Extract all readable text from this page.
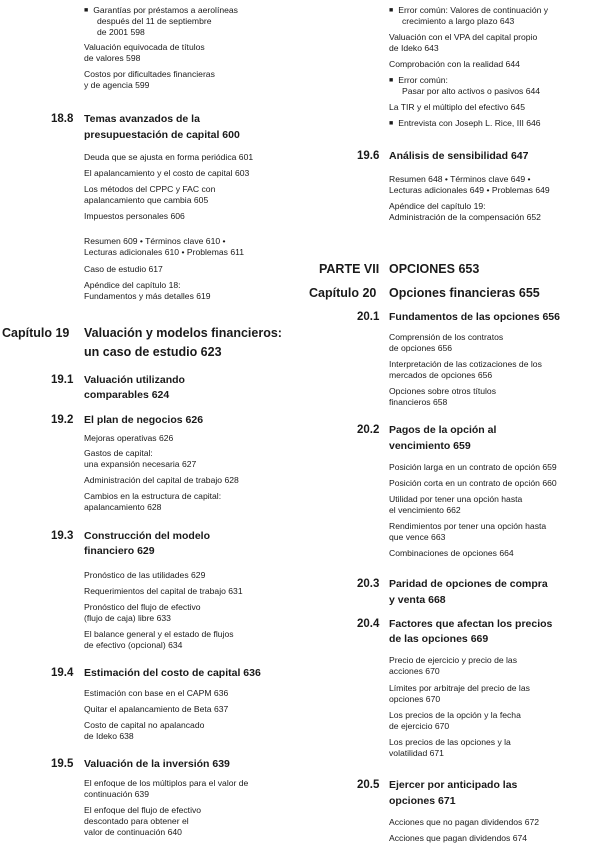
■ Garantías por préstamos a aerolíneas
después del 11 de septiembre
de 2001 598
Valuación equivocada de títulos
de valores 598
Costos por dificultades financieras
y de agencia 599
18.8 Temas avanzados de la
presupuestación de capital 600
Deuda que se ajusta en forma periódica 601
El apalancamiento y el costo de capital 603
Los métodos del CPPC y FAC con
apalancamiento que cambia 605
Impuestos personales 606
Resumen 609 • Términos clave 610 •
Lecturas adicionales 610 • Problemas 611
Caso de estudio 617
Apéndice del capítulo 18:
Fundamentos y más detalles 619
Capítulo 19 Valuación y modelos financieros:
un caso de estudio 623
19.1 Valuación utilizando
comparables 624
19.2 El plan de negocios 626
Mejoras operativas 626
Gastos de capital:
una expansión necesaria 627
Administración del capital de trabajo 628
Cambios en la estructura de capital:
apalancamiento 628
19.3 Construcción del modelo
financiero 629
Pronóstico de las utilidades 629
Requerimientos del capital de trabajo 631
Pronóstico del flujo de efectivo
(flujo de caja) libre 633
El balance general y el estado de flujos
de efectivo (opcional) 634
19.4 Estimación del costo de capital 636
Estimación con base en el CAPM 636
Quitar el apalancamiento de Beta 637
Costo de capital no apalancado
de Ideko 638
19.5 Valuación de la inversión 639
El enfoque de los múltiplos para el valor de
continuación 639
El enfoque del flujo de efectivo
descontado para obtener el
valor de continuación 640
■ Error común: Valores de continuación y
crecimiento a largo plazo 643
Valuación con el VPA del capital propio
de Ideko 643
Comprobación con la realidad 644
■ Error común:
Pasar por alto activos o pasivos 644
La TIR y el múltiplo del efectivo 645
■ Entrevista con Joseph L. Rice, III 646
19.6 Análisis de sensibilidad 647
Resumen 648 • Términos clave 649 •
Lecturas adicionales 649 • Problemas 649
Apéndice del capítulo 19:
Administración de la compensación 652
PARTE VII OPCIONES 653
Capítulo 20 Opciones financieras 655
20.1 Fundamentos de las opciones 656
Comprensión de los contratos
de opciones 656
Interpretación de las cotizaciones de los
mercados de opciones 656
Opciones sobre otros títulos
financieros 658
20.2 Pagos de la opción al
vencimiento 659
Posición larga en un contrato de opción 659
Posición corta en un contrato de opción 660
Utilidad por tener una opción hasta
el vencimiento 662
Rendimientos por tener una opción hasta
que vence 663
Combinaciones de opciones 664
20.3 Paridad de opciones de compra
y venta 668
20.4 Factores que afectan los precios
de las opciones 669
Precio de ejercicio y precio de las
acciones 670
Límites por arbitraje del precio de las
opciones 670
Los precios de la opción y la fecha
de ejercicio 670
Los precios de las opciones y la
volatilidad 671
20.5 Ejercer por anticipado las
opciones 671
Acciones que no pagan dividendos 672
Acciones que pagan dividendos 674
